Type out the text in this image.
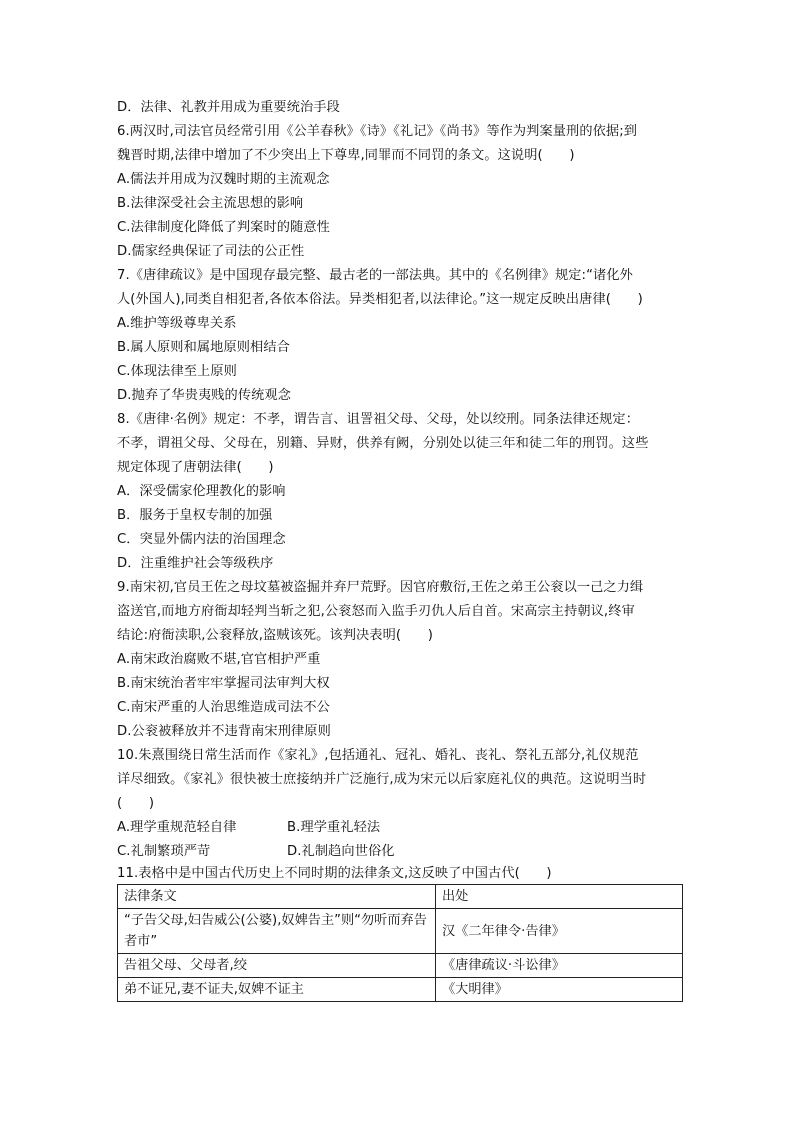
D．法律、礼教并用成为重要统治手段
6.两汉时,司法官员经常引用《公羊春秋》《诗》《礼记》《尚书》等作为判案量刑的依据;到
魏晋时期,法律中增加了不少突出上下尊卑,同罪而不同罚的条文。这说明(　　)
A.儒法并用成为汉魏时期的主流观念
B.法律深受社会主流思想的影响
C.法律制度化降低了判案时的随意性
D.儒家经典保证了司法的公正性
7.《唐律疏议》是中国现存最完整、最古老的一部法典。其中的《名例律》规定:“诸化外
人(外国人),同类自相犯者,各依本俗法。异类相犯者,以法律论。”这一规定反映出唐律(　　)
A.维护等级尊卑关系
B.属人原则和属地原则相结合
C.体现法律至上原则
D.抛弃了华贵夷贱的传统观念
8.《唐律·名例》规定：不孝，谓告言、诅詈祖父母、父母，处以绞刑。同条法律还规定：
不孝，谓祖父母、父母在，别籍、异财，供养有阙，分别处以徒三年和徒二年的刑罚。这些
规定体现了唐朝法律(　　)
A．深受儒家伦理教化的影响
B．服务于皇权专制的加强
C．突显外儒内法的治国理念
D．注重维护社会等级秩序
9.南宋初,官员王佐之母坟墓被盗掘并弃尸荒野。因官府敷衍,王佐之弟王公衮以一己之力缉
盗送官,而地方府衙却轻判当斩之犯,公衮怒而入监手刃仇人后自首。宋高宗主持朝议,终审
结论:府衙渎职,公衮释放,盗贼该死。该判决表明(　　)
A.南宋政治腐败不堪,官官相护严重
B.南宋统治者牢牢掌握司法审判大权
C.南宋严重的人治思维造成司法不公
D.公衮被释放并不违背南宋刑律原则
10.朱熹围绕日常生活而作《家礼》,包括通礼、冠礼、婚礼、丧礼、祭礼五部分,礼仪规范
详尽细致。《家礼》很快被士庶接纳并广泛施行,成为宋元以后家庭礼仪的典范。这说明当时
(　　)
A.理学重规范轻自律	B.理学重礼轻法
C.礼制繁琐严苛	D.礼制趋向世俗化
11.表格中是中国古代历史上不同时期的法律条文,这反映了中国古代(　　)
法律条文	出处
“子告父母,妇告威公(公婆),奴婢告主”则“勿听而弃告者市”	汉《二年律令·告律》
告祖父母、父母者,绞	《唐律疏议·斗讼律》
弟不证兄,妻不证夫,奴婢不证主	《大明律》
